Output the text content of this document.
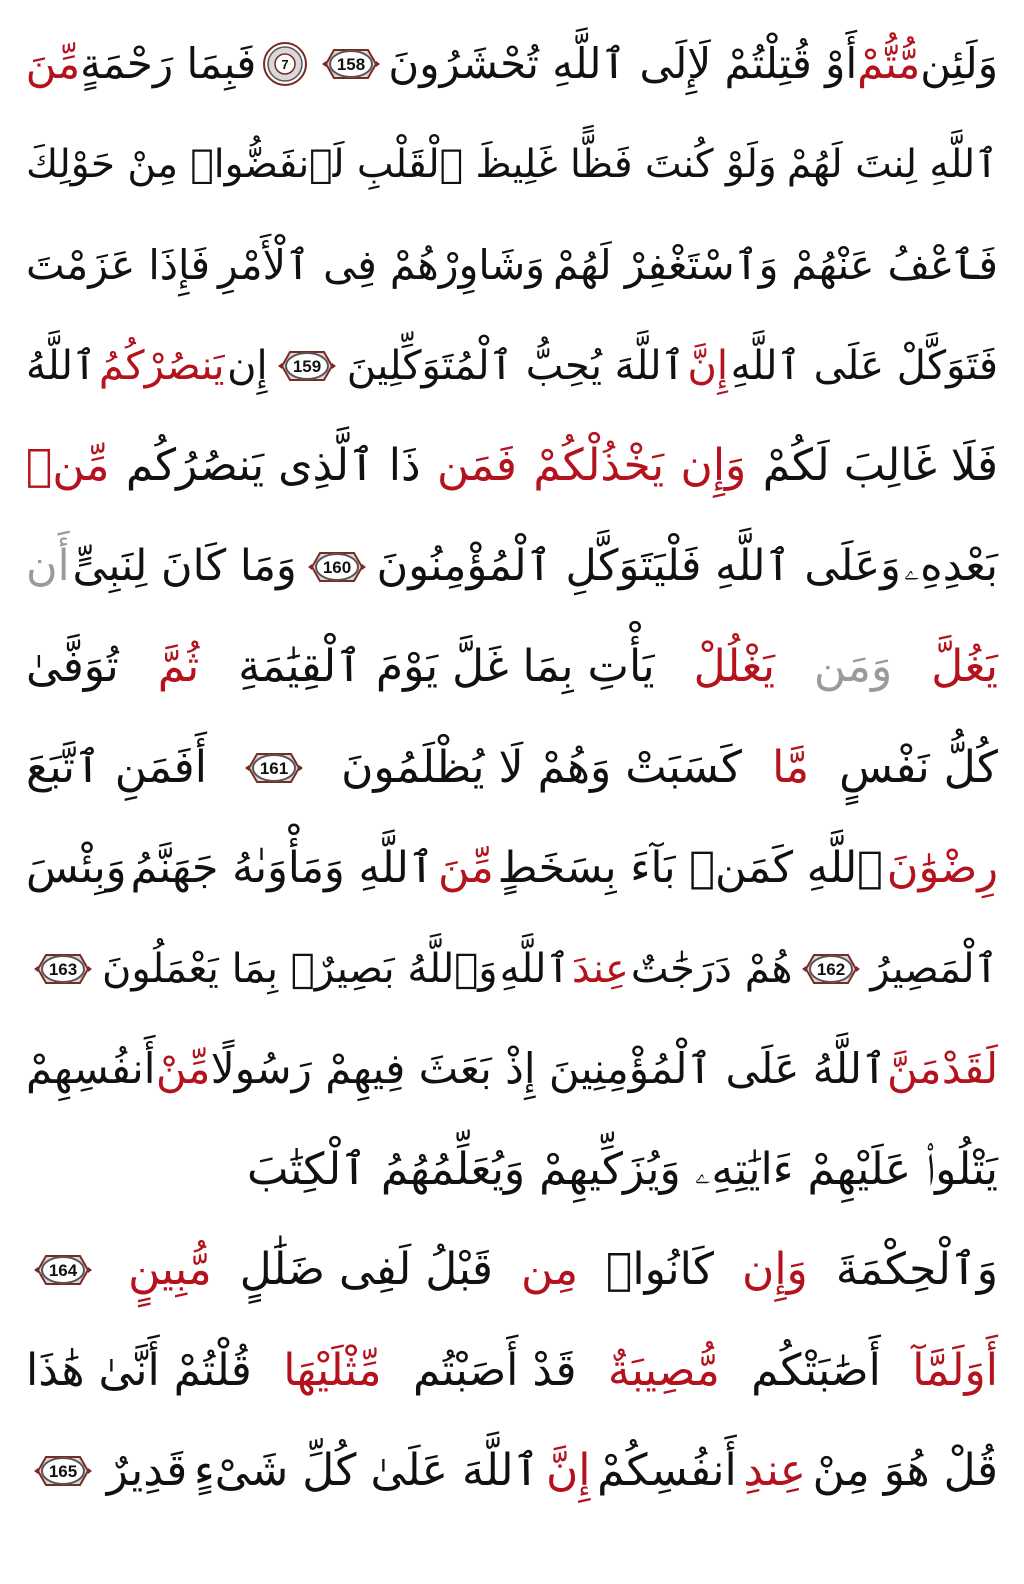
وَلَئِن
مُّتُّمْ
أَوْ قُتِلْتُمْ لَإِلَى ٱللَّهِ تُحْشَرُونَ
158
7
فَبِمَا رَحْمَةٍ
مِّنَ
ٱللَّهِ لِنتَ لَهُمْ
وَلَوْ كُنتَ فَظًّا غَلِيظَ ٱلْقَلْبِ لَٱنفَضُّوا۟ مِنْ حَوْلِكَ
فَٱعْفُ عَنْهُمْ وَٱسْتَغْفِرْ لَهُمْ
وَشَاوِرْهُمْ فِى ٱلْأَمْرِ
فَإِذَا عَزَمْتَ
فَتَوَكَّلْ عَلَى ٱللَّهِ
إِنَّ
ٱللَّهَ يُحِبُّ ٱلْمُتَوَكِّلِينَ
159
إِن
يَنصُرْكُمُ
ٱللَّهُ
فَلَا غَالِبَ لَكُمْ
وَإِن
يَخْذُلْكُمْ
فَمَن
ذَا ٱلَّذِى يَنصُرُكُم
مِّنۢ
بَعْدِهِۦ
وَعَلَى ٱللَّهِ فَلْيَتَوَكَّلِ ٱلْمُؤْمِنُونَ
160
وَمَا كَانَ لِنَبِىٍّ
أَن
يَغُلَّ
وَمَن
يَغْلُلْ
يَأْتِ بِمَا غَلَّ يَوْمَ ٱلْقِيَٰمَةِ
ثُمَّ
تُوَفَّىٰ
كُلُّ نَفْسٍ
مَّا
كَسَبَتْ وَهُمْ لَا يُظْلَمُونَ
161
أَفَمَنِ ٱتَّبَعَ
رِضْوَٰنَ
ٱللَّهِ كَمَنۢ بَآءَ بِسَخَطٍ
مِّنَ
ٱللَّهِ وَمَأْوَىٰهُ جَهَنَّمُ
وَبِئْسَ
ٱلْمَصِيرُ
162
هُمْ دَرَجَٰتٌ
عِندَ
ٱللَّهِ
وَٱللَّهُ بَصِيرٌۢ بِمَا يَعْمَلُونَ
163
لَقَدْ
مَنَّ
ٱللَّهُ عَلَى ٱلْمُؤْمِنِينَ إِذْ بَعَثَ فِيهِمْ رَسُولًا
مِّنْ
أَنفُسِهِمْ
يَتْلُوا۟ عَلَيْهِمْ ءَايَٰتِهِۦ وَيُزَكِّيهِمْ وَيُعَلِّمُهُمُ ٱلْكِتَٰبَ
وَٱلْحِكْمَةَ
وَإِن
كَانُوا۟
مِن
قَبْلُ لَفِى ضَلَٰلٍ
مُّبِينٍ
164
أَوَلَمَّآ
أَصَٰبَتْكُم
مُّصِيبَةٌ
قَدْ أَصَبْتُم
مِّثْلَيْهَا
قُلْتُمْ أَنَّىٰ هَٰذَا
قُلْ هُوَ مِنْ
عِندِ
أَنفُسِكُمْ
إِنَّ
ٱللَّهَ عَلَىٰ كُلِّ شَىْءٍ
قَدِيرٌ
165
